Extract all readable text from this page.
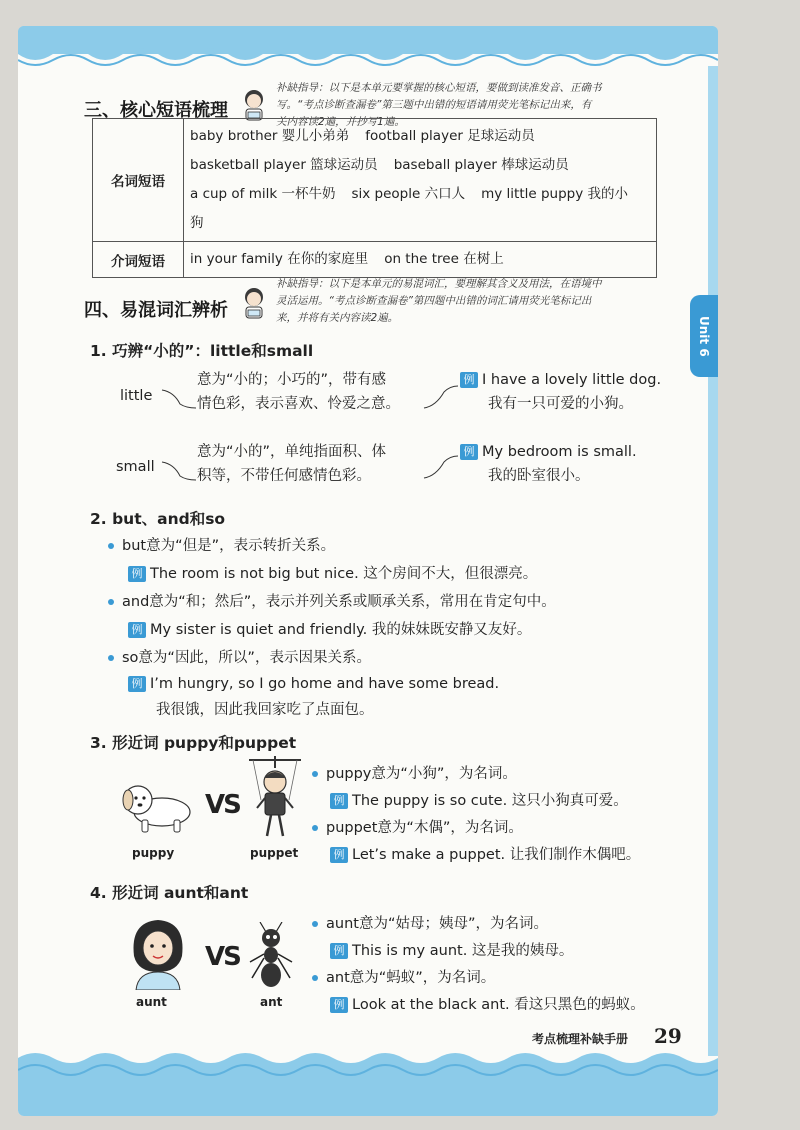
三、核心短语梳理
补缺指导：以下是本单元要掌握的核心短语，要做到读准发音、正确书
写。“考点诊断查漏卷”第三题中出错的短语请用荧光笔标记出来，有
关内容读2遍，并抄写1遍。
名词短语	baby brother 婴儿小弟弟 football player 足球运动员
basketball player 篮球运动员 baseball player 棒球运动员
a cup of milk 一杯牛奶 six people 六口人 my little puppy 我的小狗

介词短语	in your family 在你的家庭里 on the tree 在树上
四、易混词汇辨析
补缺指导：以下是本单元的易混词汇，要理解其含义及用法，在语境中
灵活运用。“考点诊断查漏卷”第四题中出错的词汇请用荧光笔标记出
来，并将有关内容读2遍。	Unit 6
1. 巧辨“小的”：little和small
little
意为“小的；小巧的”，带有感
情色彩，表示喜欢、怜爱之意。
例 I have a lovely little dog.
我有一只可爱的小狗。
small
意为“小的”，单纯指面积、体
积等，不带任何感情色彩。
例 My bedroom is small.
我的卧室很小。
2. but、and和so
but意为“但是”，表示转折关系。
例 The room is not big but nice. 这个房间不大，但很漂亮。
and意为“和；然后”，表示并列关系或顺承关系，常用在肯定句中。
例 My sister is quiet and friendly. 我的妹妹既安静又友好。
so意为“因此，所以”，表示因果关系。
例 I’m hungry, so I go home and have some bread.
我很饿，因此我回家吃了点面包。
3. 形近词 puppy和puppet
VS
puppy	puppet
puppy意为“小狗”，为名词。
例 The puppy is so cute. 这只小狗真可爱。
puppet意为“木偶”，为名词。
例 Let’s make a puppet. 让我们制作木偶吧。
4. 形近词 aunt和ant
VS
aunt	ant
aunt意为“姑母；姨母”，为名词。
例 This is my aunt. 这是我的姨母。
ant意为“蚂蚁”，为名词。
例 Look at the black ant. 看这只黑色的蚂蚁。
考点梳理补缺手册 29
